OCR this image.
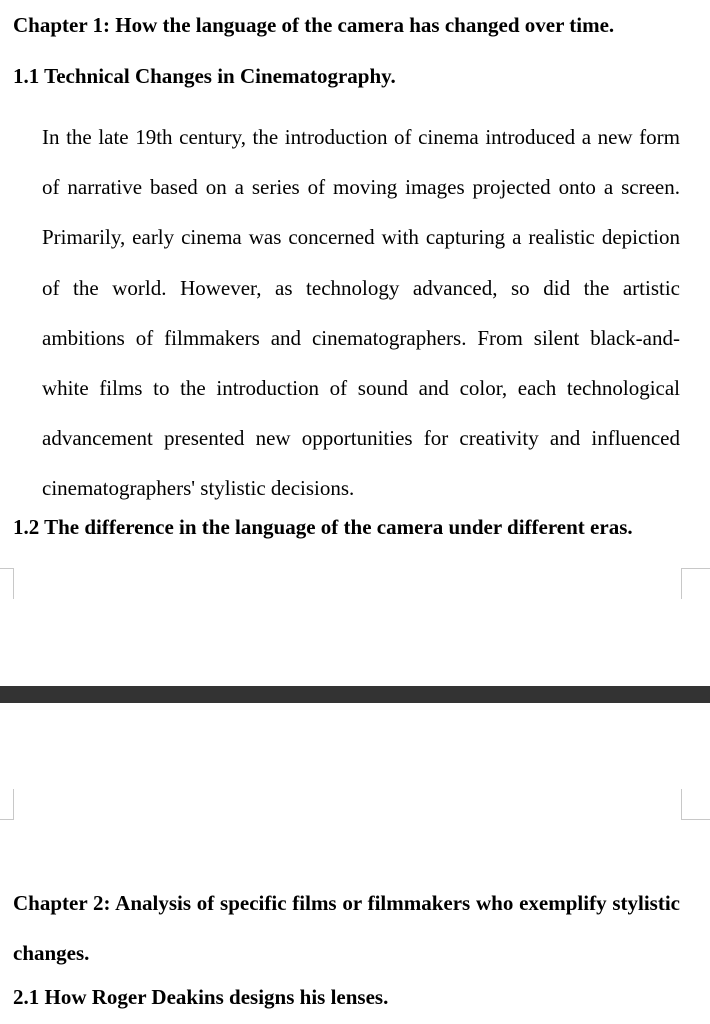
Chapter 1: How the language of the camera has changed over time.
1.1 Technical Changes in Cinematography.

In the late 19th century, the introduction of cinema introduced a new form of narrative based on a series of moving images projected onto a screen. Primarily, early cinema was concerned with capturing a realistic depiction of the world. However, as technology advanced, so did the artistic ambitions of filmmakers and cinematographers. From silent black-and-white films to the introduction of sound and color, each technological advancement presented new opportunities for creativity and influenced cinematographers' stylistic decisions.

1.2 The difference in the language of the camera under different eras.
Chapter 2: Analysis of specific films or filmmakers who exemplify stylistic changes.
2.1 How Roger Deakins designs his lenses.
